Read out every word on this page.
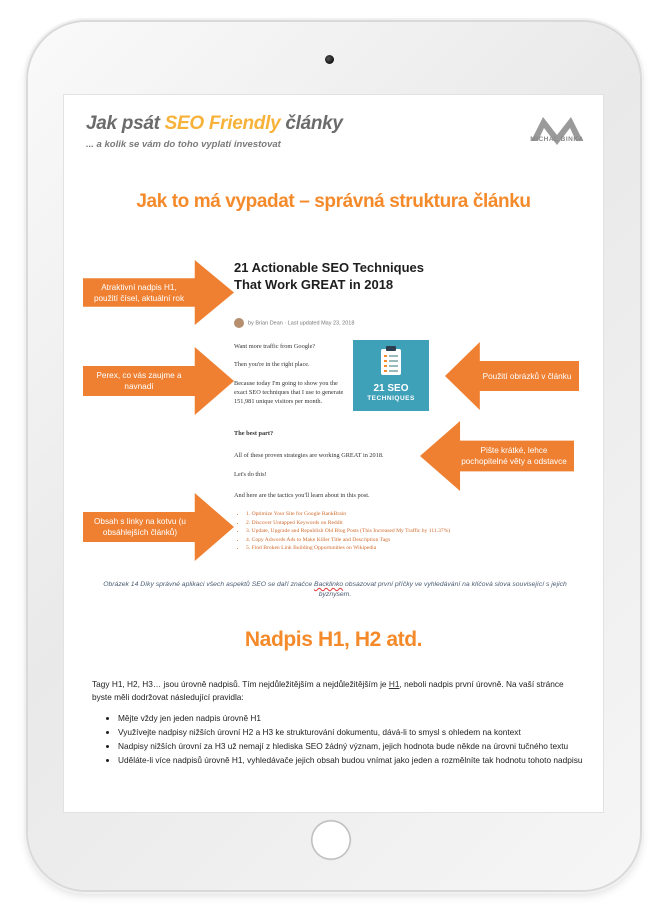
Jak psát SEO Friendly články
... a kolik se vám do toho vyplatí investovat	MICHAL BINKA
Jak to má vypadat – správná struktura článku
21 Actionable SEO Techniques That Work GREAT in 2018
by Brian Dean · Last updated May 23, 2018
Want more traffic from Google?
Then you're in the right place.
Because today I'm going to show you the exact SEO techniques that I use to generate 151,981 unique visitors per month.
The best part?
All of these proven strategies are working GREAT in 2018.
Let's do this!
And here are the tactics you'll learn about in this post.
• 1. Optimize Your Site for Google RankBrain
• 2. Discover Untapped Keywords on Reddit
• 3. Update, Upgrade and Republish Old Blog Posts (This Increased My Traffic by 111.37%)
• 4. Copy Adwords Ads to Make Killer Title and Description Tags
• 5. Find Broken Link Building Opportunities on Wikipedia
21 SEO
TECHNIQUES
Atraktivní nadpis H1, použití čísel, aktuální rok
Perex, co vás zaujme a navnadí
Použití obrázků v článku
Pište krátké, lehce pochopitelné věty a odstavce
Obsah s linky na kotvu (u obsáhlejších článků)
Obrázek 14 Díky správné aplikaci všech aspektů SEO se daří značce Backlinko obsazovat první příčky ve vyhledávání na klíčová slova související s jejich byznysem.
Nadpis H1, H2 atd.
Tagy H1, H2, H3… jsou úrovně nadpisů. Tím nejdůležitějším a nejdůležitějším je H1, neboli nadpis první úrovně. Na vaší stránce byste měli dodržovat následující pravidla:
• Mějte vždy jen jeden nadpis úrovně H1
• Využívejte nadpisy nižších úrovní H2 a H3 ke strukturování dokumentu, dává-li to smysl s ohledem na kontext
• Nadpisy nižších úrovní za H3 už nemají z hlediska SEO žádný význam, jejich hodnota bude někde na úrovni tučného textu
• Uděláte-li více nadpisů úrovně H1, vyhledávače jejich obsah budou vnímat jako jeden a rozmělníte tak hodnotu tohoto nadpisu
